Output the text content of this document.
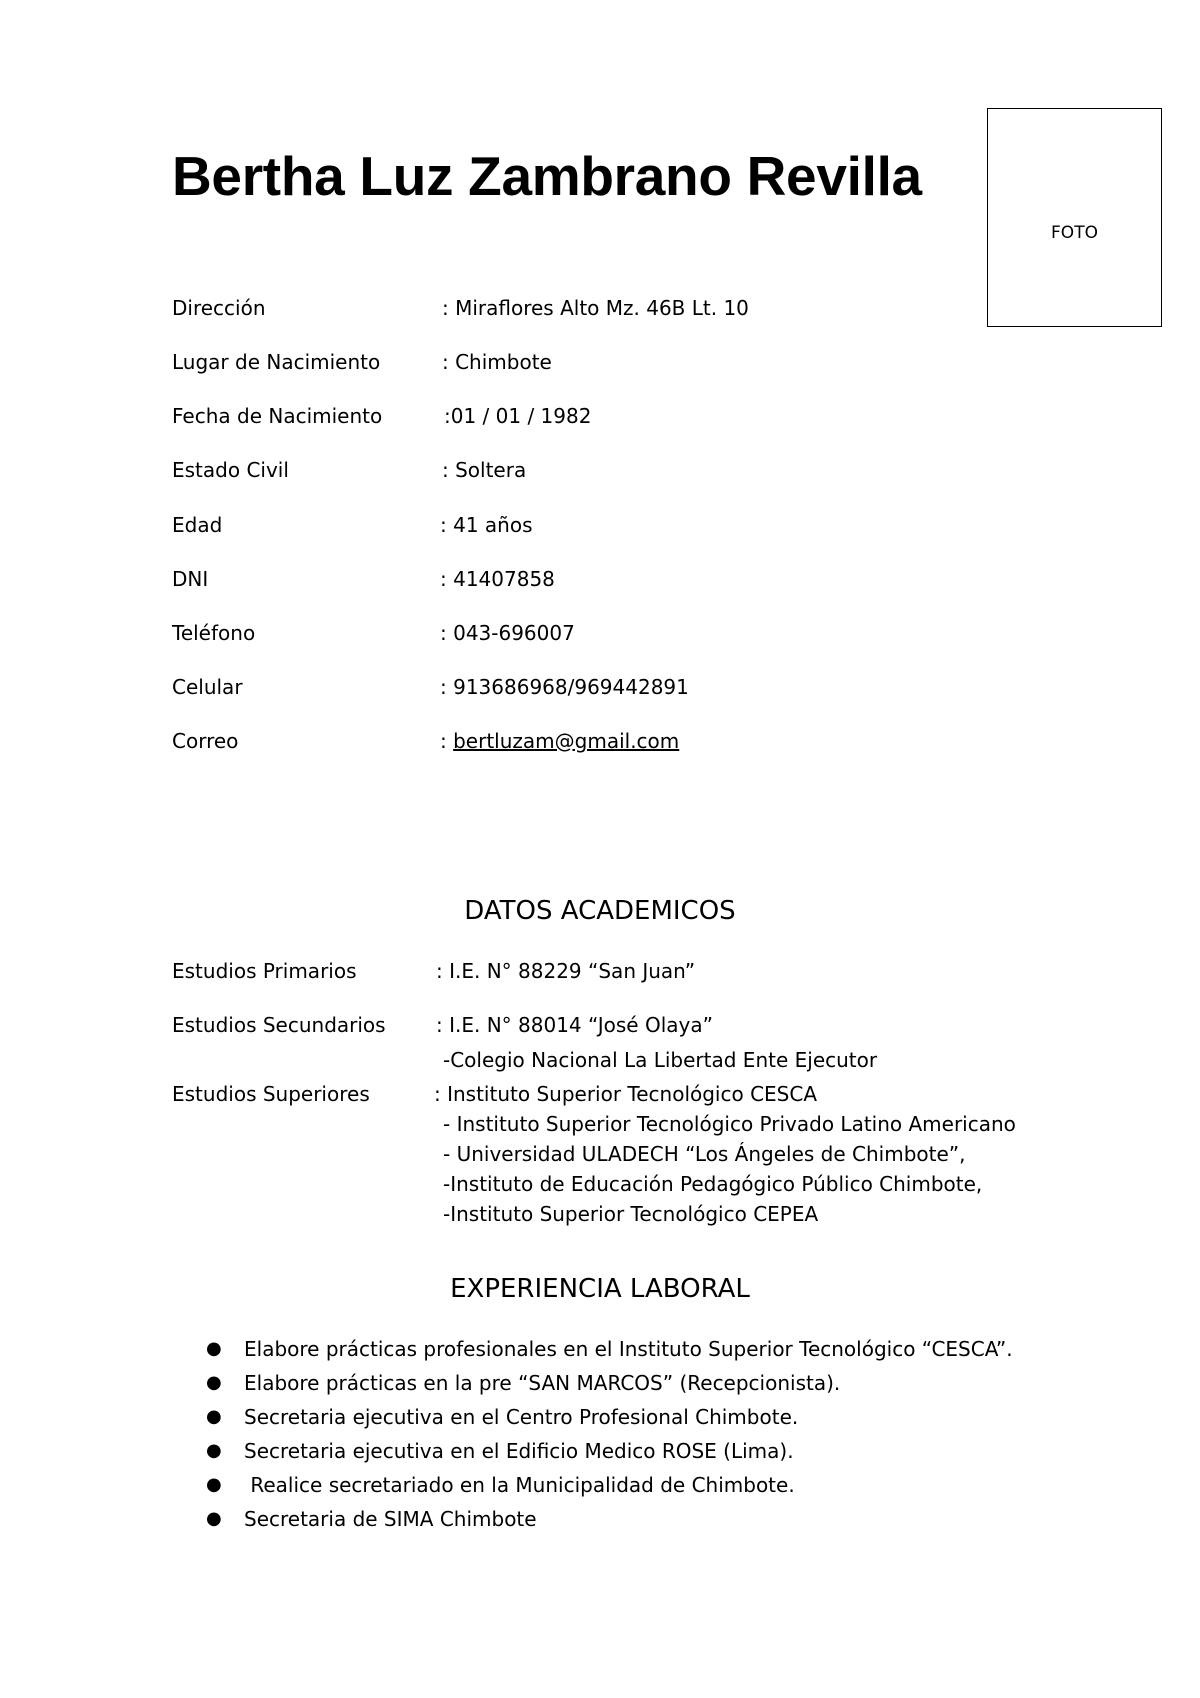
Bertha Luz Zambrano Revilla
FOTO
Dirección	: Miraflores Alto Mz. 46B Lt. 10
Lugar de Nacimiento	: Chimbote
Fecha de Nacimiento	:01 / 01 / 1982
Estado Civil	: Soltera
Edad	: 41 años
DNI	: 41407858
Teléfono	: 043-696007
Celular	: 913686968/969442891
Correo	: bertluzam@gmail.com
DATOS ACADEMICOS
Estudios Primarios	: I.E. N° 88229 “San Juan”
Estudios Secundarios	: I.E. N° 88014 “José Olaya”
-Colegio Nacional La Libertad Ente Ejecutor
Estudios Superiores	: Instituto Superior Tecnológico CESCA
- Instituto Superior Tecnológico Privado Latino Americano
- Universidad ULADECH “Los Ángeles de Chimbote”,
-Instituto de Educación Pedagógico Público Chimbote,
-Instituto Superior Tecnológico CEPEA
EXPERIENCIA LABORAL
● Elabore prácticas profesionales en el Instituto Superior Tecnológico “CESCA”.
● Elabore prácticas en la pre “SAN MARCOS” (Recepcionista).
● Secretaria ejecutiva en el Centro Profesional Chimbote.
● Secretaria ejecutiva en el Edificio Medico ROSE (Lima).
● Realice secretariado en la Municipalidad de Chimbote.
● Secretaria de SIMA Chimbote
